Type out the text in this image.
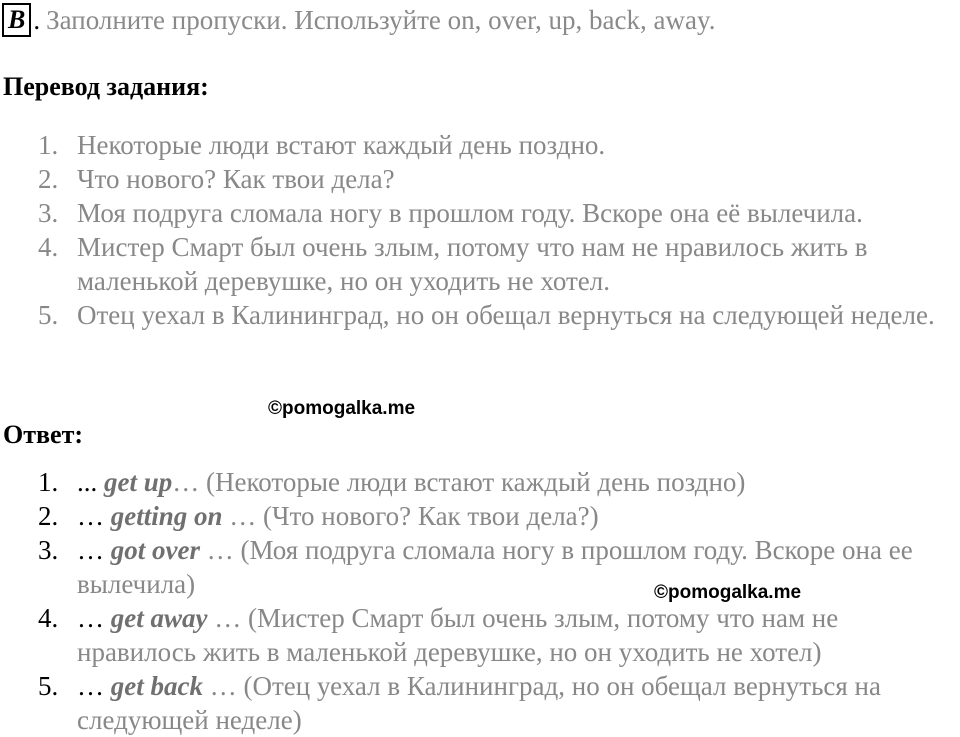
B . Заполните пропуски. Используйте on, over, up, back, away.
Перевод задания:
1. Некоторые люди встают каждый день поздно.
2. Что нового? Как твои дела?
3. Моя подруга сломала ногу в прошлом году. Вскоре она её вылечила.
4. Мистер Смарт был очень злым, потому что нам не нравилось жить в маленькой деревушке, но он уходить не хотел.
5. Отец уехал в Калининград, но он обещал вернуться на следующей неделе.
©pomogalka.me
Ответ:
1. ... get up… (Некоторые люди встают каждый день поздно)
2. … getting on … (Что нового? Как твои дела?)
3. … got over … (Моя подруга сломала ногу в прошлом году. Вскоре она ее вылечила)
4. … get away … (Мистер Смарт был очень злым, потому что нам не нравилось жить в маленькой деревушке, но он уходить не хотел)
5. … get back … (Отец уехал в Калининград, но он обещал вернуться на следующей неделе)
©pomogalka.me
